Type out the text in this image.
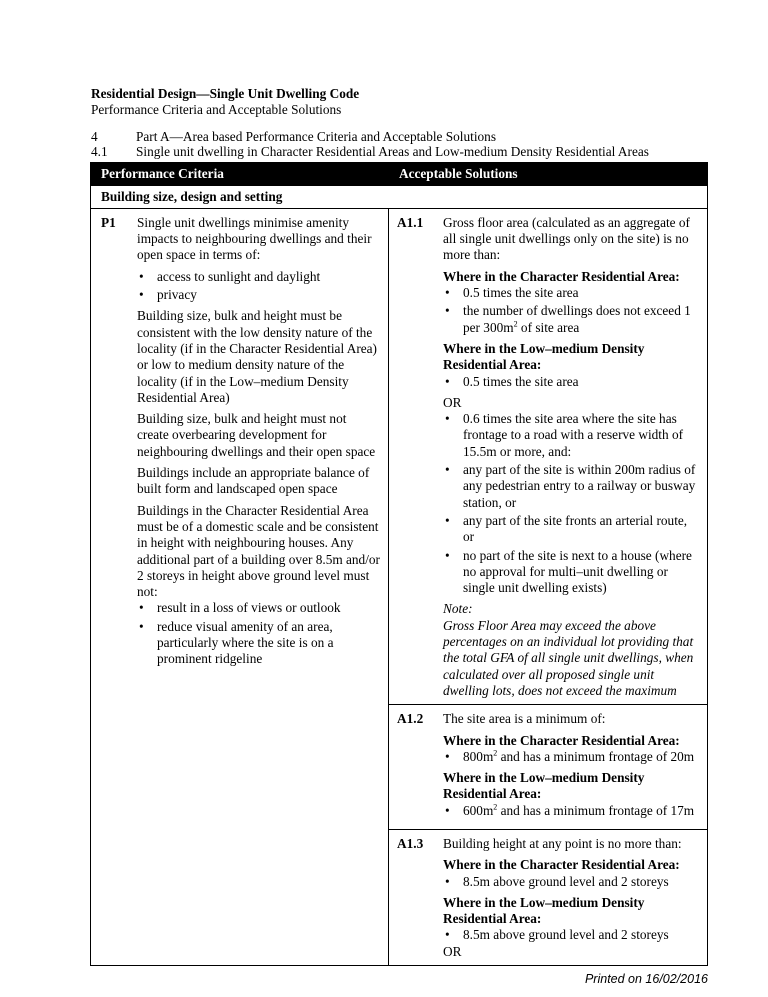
Residential Design—Single Unit Dwelling Code
Performance Criteria and Acceptable Solutions
4	Part A—Area based Performance Criteria and Acceptable Solutions
4.1 Single unit dwelling in Character Residential Areas and Low-medium Density Residential Areas
Performance Criteria	Acceptable Solutions
Building size, design and setting
P1 Single unit dwellings minimise amenity impacts to neighbouring dwellings and their open space in terms of:

• access to sunlight and daylight
• privacy

Building size, bulk and height must be consistent with the low density nature of the locality (if in the Character Residential Area) or low to medium density nature of the locality (if in the Low–medium Density Residential Area)

Building size, bulk and height must not create overbearing development for neighbouring dwellings and their open space

Buildings include an appropriate balance of built form and landscaped open space

Buildings in the Character Residential Area must be of a domestic scale and be consistent in height with neighbouring houses. Any additional part of a building over 8.5m and/or 2 storeys in height above ground level must not:

• result in a loss of views or outlook
• reduce visual amenity of an area, particularly where the site is on a prominent ridgeline
A1.1 Gross floor area (calculated as an aggregate of all single unit dwellings only on the site) is no more than:

Where in the Character Residential Area:
• 0.5 times the site area
• the number of dwellings does not exceed 1 per $300m^2$ of site area
Where in the Low–medium Density Residential Area:
• 0.5 times the site area
OR
• 0.6 times the site area where the site has frontage to a road with a reserve width of 15.5m or more, and:
• any part of the site is within 200m radius of any pedestrian entry to a railway or busway station, or
• any part of the site fronts an arterial route, or
• no part of the site is next to a house (where no approval for multi–unit dwelling or single unit dwelling exists)
Note:
Gross Floor Area may exceed the above percentages on an individual lot providing that the total GFA of all single unit dwellings, when calculated over all proposed single unit dwelling lots, does not exceed the maximum
A1.2 The site area is a minimum of:

Where in the Character Residential Area:
• $800m^2$ and has a minimum frontage of 20m
Where in the Low–medium Density Residential Area:
• $600m^2$ and has a minimum frontage of 17m
A1.3 Building height at any point is no more than:

Where in the Character Residential Area:
• 8.5m above ground level and 2 storeys
Where in the Low–medium Density Residential Area:
• 8.5m above ground level and 2 storeys
OR
Printed on 16/02/2016
